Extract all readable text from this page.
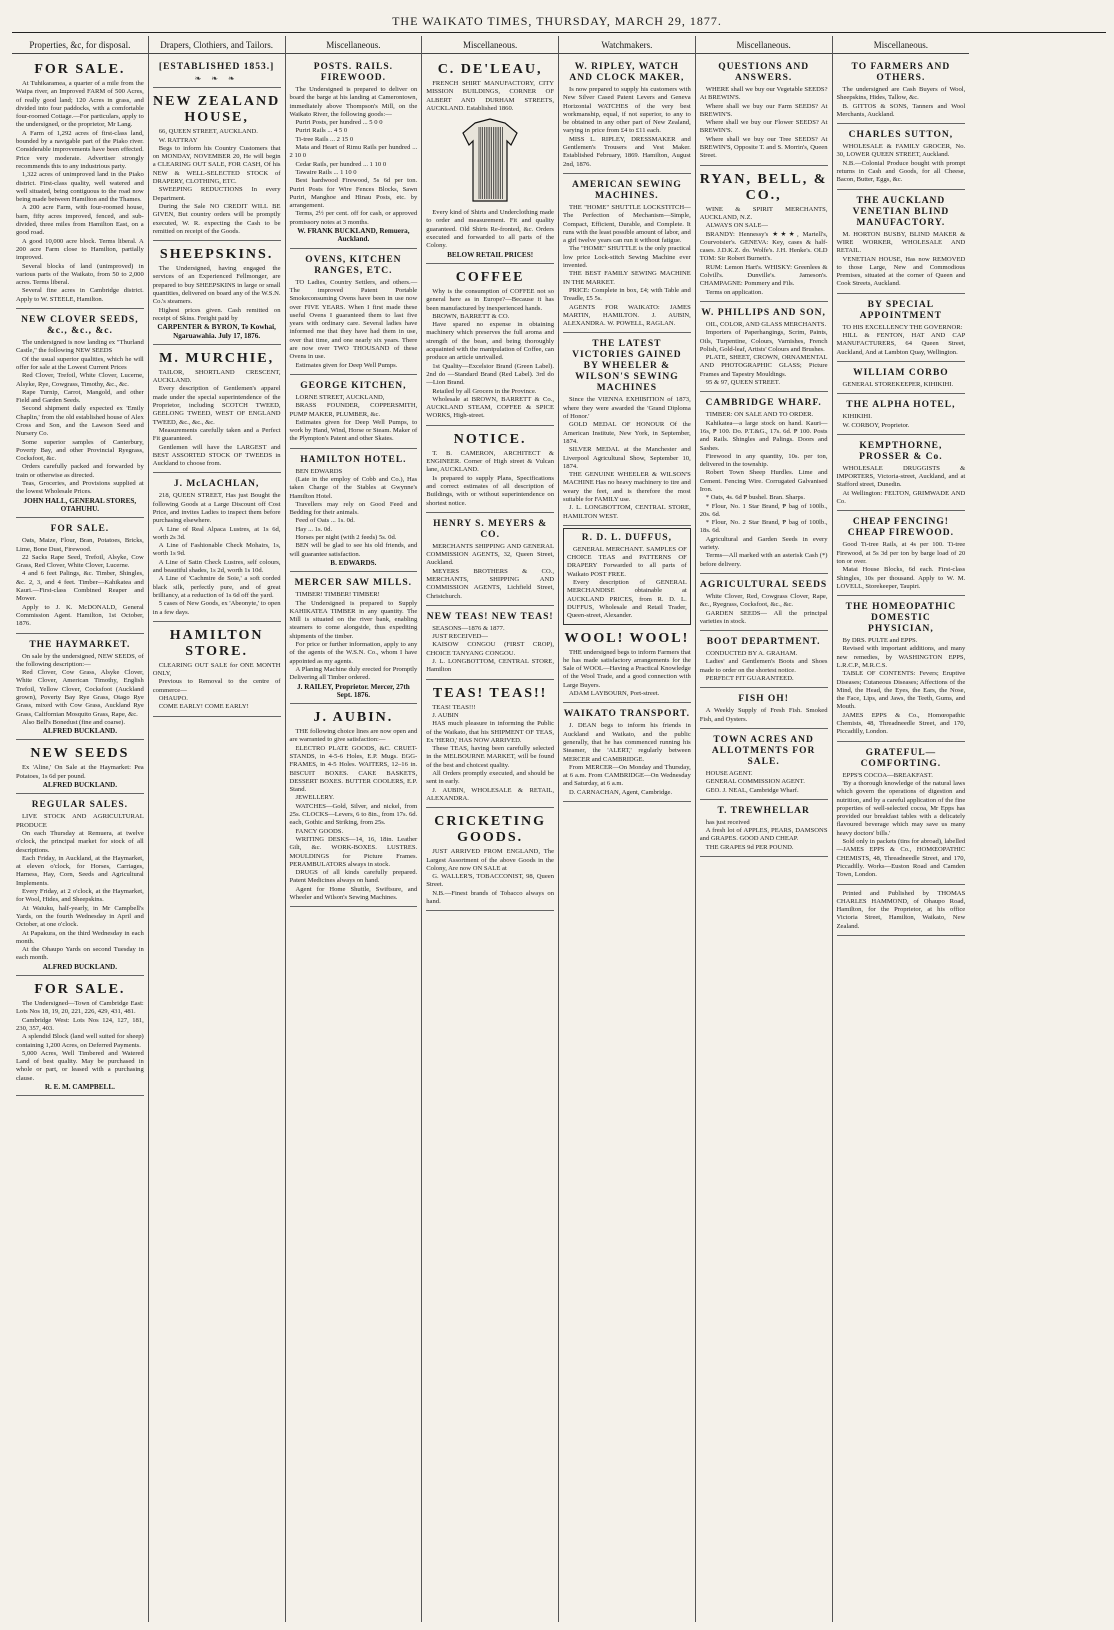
THE WAIKATO TIMES, THURSDAY, MARCH 29, 1877.
Properties, &c, for disposal.
FOR SALE.

At Tuhikaramea, a quarter of a mile from the Waipa river, an Improved FARM of 500 Acres, of really good land; 120 Acres in grass, and divided into four paddocks, with a comfortable four-roomed Cottage.—For particulars, apply to the undersigned, or the proprietor, Mr Lang.

A Farm of 1,292 acres of first-class land, bounded by a navigable part of the Piako river. Considerable improvements have been effected. Price very moderate. Advertiser strongly recommends this to any industrious party.

1,322 acres of unimproved land in the Piako district. First-class quality, well watered and well situated, being contiguous to the road now being made between Hamilton and the Thames.

A 200 acre Farm, with four-roomed house, barn, fifty acres improved, fenced, and sub-divided, three miles from Hamilton East, on a good road.

A good 10,000 acre block. Terms liberal. A 200 acre Farm close to Hamilton, partially improved.

Several blocks of land (unimproved) in various parts of the Waikato, from 50 to 2,000 acres. Terms liberal.

Several fine acres in Cambridge district. Apply to W. STEELE, Hamilton.

NEW CLOVER SEEDS, &c., &c., &c.

The undersigned is now landing ex "Thurland Castle," the following NEW SEEDS

Of the usual superior qualities, which he will offer for sale at the Lowest Current Prices

Red Clover, Trefoil, White Clover, Lucerne, Alsyke, Rye, Cowgrass, Timothy, &c., &c.

Rape Turnip, Carrot, Mangold, and other Field and Garden Seeds.

Second shipment daily expected ex 'Emily Chaplin,' from the old established house of Alex Cross and Son, and the Lawson Seed and Nursery Co.

Some superior samples of Canterbury, Poverty Bay, and other Provincial Ryegrass, Cocksfoot, &c.

Orders carefully packed and forwarded by train or otherwise as directed.

Teas, Groceries, and Provisions supplied at the lowest Wholesale Prices.

JOHN HALL, GENERAL STORES, OTAHUHU.

FOR SALE.

Oats, Maize, Flour, Bran, Potatoes, Bricks, Lime, Bone Dust, Firewood.

22 Sacks Rape Seed, Trefoil, Alsyke, Cow Grass, Red Clover, White Clover, Lucerne.

4 and 6 feet Palings, &c. Timber, Shingles, &c. 2, 3, and 4 feet. Timber—Kahikatea and Kauri.—First-class Combined Reaper and Mower.

Apply to J. K. McDONALD, General Commission Agent. Hamilton, 1st October, 1876.

THE HAYMARKET.

On sale by the undersigned, NEW SEEDS, of the following description:—

Red Clover, Cow Grass, Alsyke Clover, White Clover, American Timothy, English Trefoil, Yellow Clover, Cocksfoot (Auckland grown), Poverty Bay Rye Grass, Otago Rye Grass, mixed with Cow Grass, Auckland Rye Grass, Californian Mosquito Grass, Rape, &c.

Also Bell's Bonedust (fine and coarse).

ALFRED BUCKLAND.

NEW SEEDS

Ex 'Aline,' On Sale at the Haymarket: Pea Potatoes, 1s 6d per pound.

ALFRED BUCKLAND.

REGULAR SALES.

LIVE STOCK AND AGRICULTURAL PRODUCE

On each Thursday at Remuera, at twelve o'clock, the principal market for stock of all descriptions.

Each Friday, in Auckland, at the Haymarket, at eleven o'clock, for Horses, Carriages, Harness, Hay, Corn, Seeds and Agricultural Implements.

Every Friday, at 2 o'clock, at the Haymarket, for Wool, Hides, and Sheepskins.

At Waiuku, half-yearly, in Mr Campbell's Yards, on the fourth Wednesday in April and October, at one o'clock.

At Papakura, on the third Wednesday in each month.

At the Ohaupo Yards on second Tuesday in each month.

ALFRED BUCKLAND.

FOR SALE.

The Undersigned—Town of Cambridge East: Lots Nos 18, 19, 20, 221, 226, 429, 431, 481.

Cambridge West: Lots Nos 124, 127, 181, 230, 357, 403.

A splendid Block (land well suited for sheep) containing 1,200 Acres, on Deferred Payments.

5,000 Acres, Well Timbered and Watered Land of best quality. May be purchased in whole or part, or leased with a purchasing clause.

R. E. M. CAMPBELL.

Drapers, Clothiers, and Tailors.
[ESTABLISHED 1853.]
❧ ❧ ❧
NEW ZEALAND HOUSE,

66, QUEEN STREET, AUCKLAND.

W. RATTRAY

Begs to inform his Country Customers that on MONDAY, NOVEMBER 20, He will begin a CLEARING OUT SALE, FOR CASH, Of his NEW & WELL-SELECTED STOCK of DRAPERY, CLOTHING, ETC.

SWEEPING REDUCTIONS In every Department.

During the Sale NO CREDIT WILL BE GIVEN, But country orders will be promptly executed, W. R. expecting the Cash to be remitted on receipt of the Goods.

SHEEPSKINS.

The Undersigned, having engaged the services of an Experienced Fellmonger, are prepared to buy SHEEPSKINS in large or small quantities, delivered on board any of the W.S.N. Co.'s steamers.

Highest prices given. Cash remitted on receipt of Skins. Freight paid by

CARPENTER & BYRON, Te Kowhai, Ngaruawahia. July 17, 1876.

M. MURCHIE,

TAILOR, SHORTLAND CRESCENT, AUCKLAND.

Every description of Gentlemen's apparel made under the special superintendence of the Proprietor, including SCOTCH TWEED, GEELONG TWEED, WEST OF ENGLAND TWEED, &c., &c., &c.

Measurements carefully taken and a Perfect Fit guaranteed.

Gentlemen will have the LARGEST and BEST ASSORTED STOCK OF TWEEDS in Auckland to choose from.

J. McLACHLAN,

218, QUEEN STREET, Has just Bought the following Goods at a Large Discount off Cost Price, and invites Ladies to inspect them before purchasing elsewhere.

A Line of Real Alpaca Lustres, at 1s 6d, worth 2s 3d.

A Line of Fashionable Check Mohairs, 1s, worth 1s 9d.

A Line of Satin Check Lustres, self colours, and beautiful shades, 1s 2d, worth 1s 10d.

A Line of 'Cachmire de Soie,' a soft corded black silk, perfectly pure, and of great brilliancy, at a reduction of 1s 6d off the yard.

5 cases of New Goods, ex 'Abeonyte,' to open in a few days.

HAMILTON STORE.

CLEARING OUT SALE for ONE MONTH ONLY,

Previous to Removal to the centre of commerce—

OHAUPO.

COME EARLY! COME EARLY!

Miscellaneous.
POSTS. RAILS. FIREWOOD.

The Undersigned is prepared to deliver on board the barge at his landing at Camerontown, immediately above Thompson's Mill, on the Waikato River, the following goods:—

Puriri Posts, per hundred ... 5 0 0

Puriri Rails ... 4 5 0

Ti-tree Rails ... 2 15 0

Mata and Heart of Rimu Rails per hundred ... 2 10 0

Cedar Rails, per hundred ... 1 10 0

Tawaire Rails ... 1 10 0

Best hardwood Firewood, 5s 6d per ton. Puriri Posts for Wire Fences Blocks, Sawn Puriri, Manghoe and Hinau Posts, etc. by arrangement.

Terms, 2½ per cent. off for cash, or approved promissory notes at 3 months.

W. FRANK BUCKLAND, Remuera, Auckland.

OVENS, KITCHEN RANGES, ETC.

TO Ladies, Country Settlers, and others.—The improved Patent Portable Smokeconsuming Ovens have been in use now over FIVE YEARS. When I first made these useful Ovens I guaranteed them to last five years with ordinary care. Several ladies have informed me that they have had them in use, over that time, and one nearly six years. There are now over TWO THOUSAND of these Ovens in use.

Estimates given for Deep Well Pumps.

GEORGE KITCHEN,

LORNE STREET, AUCKLAND,

BRASS FOUNDER, COPPERSMITH, PUMP MAKER, PLUMBER, &c.

Estimates given for Deep Well Pumps, to work by Hand, Wind, Horse or Steam. Maker of the Plympton's Patent and other Skates.

HAMILTON HOTEL.

BEN EDWARDS

(Late in the employ of Cobb and Co.), Has taken Charge of the Stables at Gwynne's Hamilton Hotel.

Travellers may rely on Good Feed and Bedding for their animals.

Feed of Oats ... 1s. 0d.

Hay ... 1s. 0d.

Horses per night (with 2 feeds) 5s. 0d.

BEN will be glad to see his old friends, and will guarantee satisfaction.

B. EDWARDS.

MERCER SAW MILLS.

TIMBER! TIMBER! TIMBER!

The Undersigned is prepared to Supply KAHIKATEA TIMBER in any quantity. The Mill is situated on the river bank, enabling steamers to come alongside, thus expediting shipments of the timber.

For price or further information, apply to any of the agents of the W.S.N. Co., whom I have appointed as my agents.

A Planing Machine duly erected for Promptly Delivering all Timber ordered.

J. RAILEY, Proprietor. Mercer, 27th Sept. 1876.

J. AUBIN.

THE following choice lines are now open and are warranted to give satisfaction:—

ELECTRO PLATE GOODS, &C. CRUET-STANDS, in 4-5-6 Holes, E.P. Mugs. EGG-FRAMES, in 4-5 Holes. WAITERS, 12–16 in. BISCUIT BOXES. CAKE BASKETS, DESSERT BOXES. BUTTER COOLERS, E.P. Stand.

JEWELLERY.

WATCHES—Gold, Silver, and nickel, from 25s. CLOCKS—Levers, 6 to 8in., from 17s. 6d. each, Gothic and Striking, from 25s.

FANCY GOODS.

WRITING DESKS—14, 16, 18in. Leather Gilt, &c. WORK-BOXES. LUSTRES. MOULDINGS for Picture Frames. PERAMBULATORS always in stock.

DRUGS of all kinds carefully prepared. Patent Medicines always on hand.

Agent for Home Shuttle, Swiftsure, and Wheeler and Wilson's Sewing Machines.

Miscellaneous.
C. DE'LEAU,

FRENCH SHIRT MANUFACTORY, CITY MISSION BUILDINGS, CORNER OF ALBERT AND DURHAM STREETS, AUCKLAND. Established 1860.

Every kind of Shirts and Underclothing made to order and measurement. Fit and quality guaranteed. Old Shirts Re-fronted, &c. Orders executed and forwarded to all parts of the Colony.

BELOW RETAIL PRICES!

COFFEE

Why is the consumption of COFFEE not so general here as in Europe?—Because it has been manufactured by inexperienced hands.

BROWN, BARRETT & CO.

Have spared no expense in obtaining machinery which preserves the full aroma and strength of the bean, and being thoroughly acquainted with the manipulation of Coffee, can produce an article unrivalled.

1st Quality—Excelsior Brand (Green Label). 2nd do —Standard Brand (Red Label). 3rd do —Lion Brand.

Retailed by all Grocers in the Province.

Wholesale at BROWN, BARRETT & Co., AUCKLAND STEAM, COFFEE & SPICE WORKS, High-street.

NOTICE.

T. B. CAMERON, ARCHITECT & ENGINEER. Corner of High street & Vulcan lane, AUCKLAND.

Is prepared to supply Plans, Specifications and correct estimates of all description of Buildings, with or without superintendence on shortest notice.

HENRY S. MEYERS & CO.

MERCHANTS SHIPPING AND GENERAL COMMISSION AGENTS, 32, Queen Street, Auckland.

MEYERS BROTHERS & CO., MERCHANTS, SHIPPING AND COMMISSION AGENTS, Lichfield Street, Christchurch.

NEW TEAS! NEW TEAS!

SEASONS—1876 & 1877.

JUST RECEIVED—

KAISOW CONGOU (FIRST CROP), CHOICE TANYANG CONGOU.

J. L. LONGBOTTOM, CENTRAL STORE, Hamilton

TEAS! TEAS!!

TEAS! TEAS!!!

J. AUBIN

HAS much pleasure in informing the Public of the Waikato, that his SHIPMENT OF TEAS, Ex 'HERO,' HAS NOW ARRIVED.

These TEAS, having been carefully selected in the MELBOURNE MARKET, will be found of the best and choicest quality.

All Orders promptly executed, and should be sent in early.

J. AUBIN, WHOLESALE & RETAIL, ALEXANDRA.

CRICKETING GOODS.

JUST ARRIVED FROM ENGLAND, The Largest Assortment of the above Goods in the Colony, Are now ON SALE at

G. WALLER'S, TOBACCONIST, 98, Queen Street.

N.B.—Finest brands of Tobacco always on hand.

Watchmakers.
W. RIPLEY, WATCH AND CLOCK MAKER,

Is now prepared to supply his customers with New Silver Cased Patent Levers and Geneva Horizontal WATCHES of the very best workmanship, equal, if not superior, to any to be obtained in any other part of New Zealand, varying in price from £4 to £11 each.

MISS L. RIPLEY, DRESSMAKER and Gentlemen's Trousers and Vest Maker. Established February, 1869. Hamilton, August 2nd, 1876.

AMERICAN SEWING MACHINES.

THE "HOME" SHUTTLE LOCKSTITCH—The Perfection of Mechanism—Simple, Compact, Efficient, Durable, and Complete. It runs with the least possible amount of labor, and a girl twelve years can run it without fatigue.

The "HOME" SHUTTLE is the only practical low price Lock-stitch Sewing Machine ever invented.

THE BEST FAMILY SEWING MACHINE IN THE MARKET.

PRICE: Complete in box, £4; with Table and Treadle, £5 5s.

AGENTS FOR WAIKATO: JAMES MARTIN, HAMILTON. J. AUBIN, ALEXANDRA. W. POWELL, RAGLAN.

THE LATEST VICTORIES GAINED BY WHEELER & WILSON'S SEWING MACHINES

Since the VIENNA EXHIBITION of 1873, where they were awarded the 'Grand Diploma of Honor.'

GOLD MEDAL OF HONOUR Of the American Institute, New York, in September, 1874.

SILVER MEDAL at the Manchester and Liverpool Agricultural Show, September 10, 1874.

THE GENUINE WHEELER & WILSON'S MACHINE Has no heavy machinery to tire and weary the feet, and is therefore the most suitable for FAMILY use.

J. L. LONGBOTTOM, CENTRAL STORE, HAMILTON WEST.

R. D. L. DUFFUS,

GENERAL MERCHANT. SAMPLES OF CHOICE TEAS and PATTERNS OF DRAPERY Forwarded to all parts of Waikato POST FREE.

Every description of GENERAL MERCHANDISE obtainable at AUCKLAND PRICES, from R. D. L. DUFFUS, Wholesale and Retail Trader, Queen-street, Alexander.

WOOL! WOOL!

THE undersigned begs to inform Farmers that he has made satisfactory arrangements for the Sale of WOOL—Having a Practical Knowledge of the Wool Trade, and a good connection with Large Buyers.

ADAM LAYBOURN, Port-street.

WAIKATO TRANSPORT.

J. DEAN begs to inform his friends in Auckland and Waikato, and the public generally, that he has commenced running his Steamer, the 'ALERT,' regularly between MERCER and CAMBRIDGE.

From MERCER—On Monday and Thursday, at 6 a.m. From CAMBRIDGE—On Wednesday and Saturday, at 6 a.m.

D. CARNACHAN, Agent, Cambridge.

Miscellaneous.
QUESTIONS AND ANSWERS.

WHERE shall we buy our Vegetable SEEDS? At BREWIN'S.

Where shall we buy our Farm SEEDS? At BREWIN'S.

Where shall we buy our Flower SEEDS? At BREWIN'S.

Where shall we buy our Tree SEEDS? At BREWIN'S, Opposite T. and S. Morrin's, Queen Street.

RYAN, BELL, & CO.,

WINE & SPIRIT MERCHANTS, AUCKLAND, N.Z.

ALWAYS ON SALE—

BRANDY: Hennessy's ★★★, Martell's, Courvoisier's. GENEVA: Key, cases & half-cases. J.D.K.Z. do. Wolfe's. J.H. Henke's. OLD TOM: Sir Robert Burnett's.

RUM: Lemon Hart's. WHISKY: Greenlees & Colvill's. Dunville's. Jameson's. CHAMPAGNE: Pommery and Fils.

Terms on application.

W. PHILLIPS AND SON,

OIL, COLOR, AND GLASS MERCHANTS.

Importers of Paperhangings, Scrim, Paints, Oils, Turpentine, Colours, Varnishes, French Polish, Gold-leaf, Artists' Colours and Brushes.

PLATE, SHEET, CROWN, ORNAMENTAL AND PHOTOGRAPHIC GLASS; Picture Frames and Tapestry Mouldings.

95 & 97, QUEEN STREET.

CAMBRIDGE WHARF.

TIMBER: ON SALE AND TO ORDER.

Kahikatea—a large stock on hand. Kauri—16s, ₱ 100. Do. P.T.&G., 17s. 6d. ₱ 100. Posts and Rails. Shingles and Palings. Doors and Sashes.

Firewood in any quantity, 10s. per ton, delivered in the township.

Robert Town Sheep Hurdles. Lime and Cement. Fencing Wire. Corrugated Galvanised Iron.

* Oats, 4s. 6d ₱ bushel. Bran. Sharps.

* Flour, No. 1 Star Brand, ₱ bag of 100lb., 20s. 6d.

* Flour, No. 2 Star Brand, ₱ bag of 100lb., 18s. 6d.

Agricultural and Garden Seeds in every variety.

Terms—All marked with an asterisk Cash (*) before delivery.

AGRICULTURAL SEEDS

White Clover, Red, Cowgrass Clover, Rape, &c., Ryegrass, Cocksfoot, &c., &c.

GARDEN SEEDS— All the principal varieties in stock.

BOOT DEPARTMENT.

CONDUCTED BY A. GRAHAM.

Ladies' and Gentlemen's Boots and Shoes made to order on the shortest notice.

PERFECT FIT GUARANTEED.

FISH OH!

A Weekly Supply of Fresh Fish. Smoked Fish, and Oysters.

TOWN ACRES AND ALLOTMENTS FOR SALE.

HOUSE AGENT.

GENERAL COMMISSION AGENT.

GEO. J. NEAL, Cambridge Wharf.

T. TREWHELLAR

has just received

A fresh lot of APPLES, PEARS, DAMSONS and GRAPES. GOOD AND CHEAP.

THE GRAPES 9d PER POUND.

Miscellaneous.
TO FARMERS AND OTHERS.

The undersigned are Cash Buyers of Wool, Sheepskins, Hides, Tallow, &c.

B. GITTOS & SONS, Tanners and Wool Merchants, Auckland.

CHARLES SUTTON,

WHOLESALE & FAMILY GROCER, No. 30, LOWER QUEEN STREET, Auckland.

N.B.—Colonial Produce bought with prompt returns in Cash and Goods, for all Cheese, Bacon, Butter, Eggs, &c.

THE AUCKLAND VENETIAN BLIND MANUFACTORY.

M. HORTON BUSBY, BLIND MAKER & WIRE WORKER, WHOLESALE AND RETAIL.

VENETIAN HOUSE, Has now REMOVED to those Large, New and Commodious Premises, situated at the corner of Queen and Cook Streets, Auckland.

BY SPECIAL APPOINTMENT

TO HIS EXCELLENCY THE GOVERNOR:

HILL & FENTON, HAT AND CAP MANUFACTURERS, 64 Queen Street, Auckland, And at Lambton Quay, Wellington.

WILLIAM CORBO

GENERAL STOREKEEPER, KIHIKIHI.

THE ALPHA HOTEL,

KIHIKIHI.

W. CORBOY, Proprietor.

KEMPTHORNE, PROSSER & Co.

WHOLESALE DRUGGISTS & IMPORTERS, Victoria-street, Auckland, and at Stafford street, Dunedin.

At Wellington: FELTON, GRIMWADE AND Co.

CHEAP FENCING! CHEAP FIREWOOD.

Good Ti-tree Rails, at 4s per 100. Ti-tree Firewood, at 5s 3d per ton by barge load of 20 ton or over.

Matai House Blocks, 6d each. First-class Shingles, 10s per thousand. Apply to W. M. LOVELL, Storekeeper, Taupiri.

THE HOMEOPATHIC DOMESTIC PHYSICIAN,

By DRS. PULTE and EPPS.

Revised with important additions, and many new remedies, by WASHINGTON EPPS, L.R.C.P., M.R.C.S.

TABLE OF CONTENTS: Fevers; Eruptive Diseases; Cutaneous Diseases; Affections of the Mind, the Head, the Eyes, the Ears, the Nose, the Face, Lips, and Jaws, the Teeth, Gums, and Mouth.

JAMES EPPS & Co., Homœopathic Chemists, 48, Threadneedle Street, and 170, Piccadilly, London.

GRATEFUL—COMFORTING.

EPPS'S COCOA—BREAKFAST.

'By a thorough knowledge of the natural laws which govern the operations of digestion and nutrition, and by a careful application of the fine properties of well-selected cocoa, Mr Epps has provided our breakfast tables with a delicately flavoured beverage which may save us many heavy doctors' bills.'

Sold only in packets (tins for abroad), labelled—JAMES EPPS & Co., HOMŒOPATHIC CHEMISTS, 48, Threadneedle Street, and 170, Piccadilly. Works—Euston Road and Camden Town, London.

Printed and Published by THOMAS CHARLES HAMMOND, of Ohaupo Road, Hamilton, for the Proprietor, at his office Victoria Street, Hamilton, Waikato, New Zealand.
